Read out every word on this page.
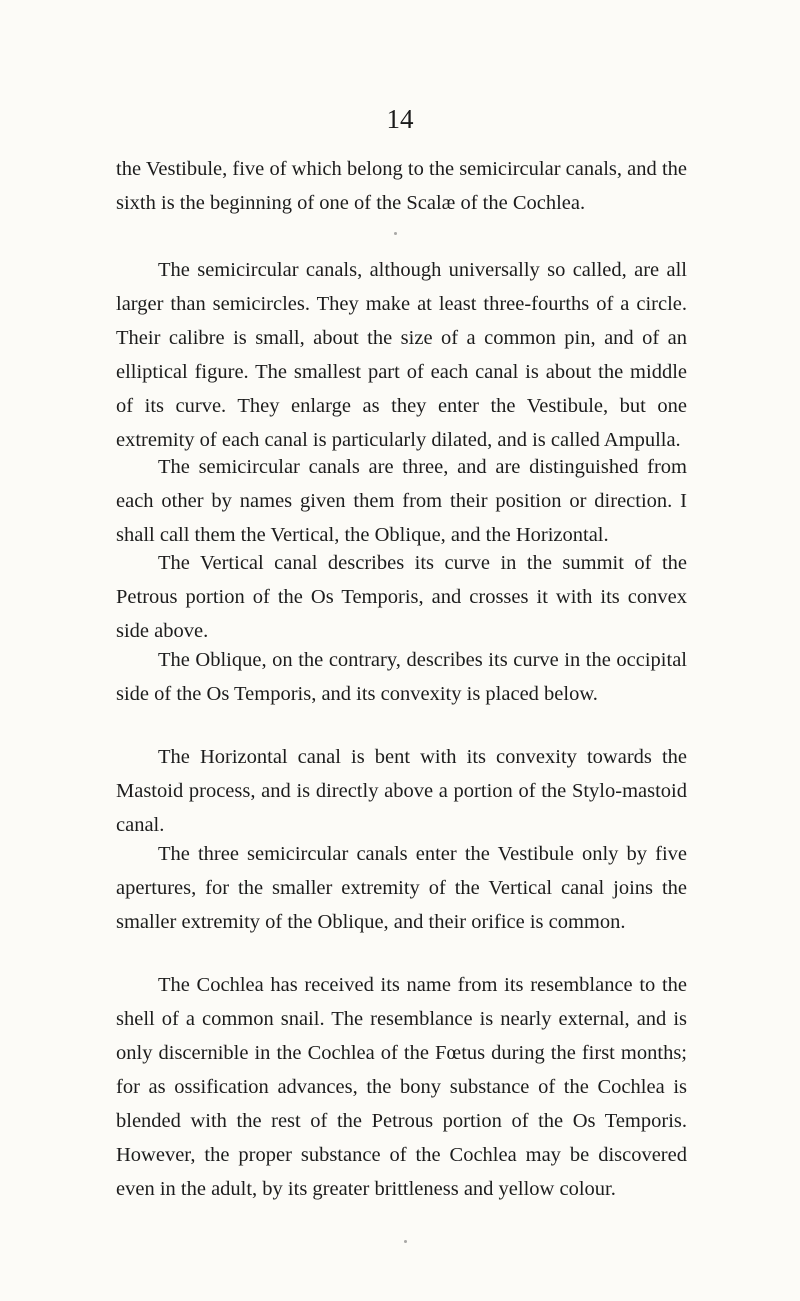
14

the Vestibule, five of which belong to the semicircular canals, and the sixth is the beginning of one of the Scalæ of the Cochlea.

The semicircular canals, although universally so called, are all larger than semicircles. They make at least three-fourths of a circle. Their calibre is small, about the size of a common pin, and of an elliptical figure. The smallest part of each canal is about the middle of its curve. They enlarge as they enter the Vestibule, but one extremity of each canal is particularly dilated, and is called Ampulla.

The semicircular canals are three, and are distinguished from each other by names given them from their position or direction. I shall call them the Vertical, the Oblique, and the Horizontal.

The Vertical canal describes its curve in the summit of the Petrous portion of the Os Temporis, and crosses it with its convex side above.

The Oblique, on the contrary, describes its curve in the occipital side of the Os Temporis, and its convexity is placed below.

The Horizontal canal is bent with its convexity towards the Mastoid process, and is directly above a portion of the Stylo-mastoid canal.

The three semicircular canals enter the Vestibule only by five apertures, for the smaller extremity of the Vertical canal joins the smaller extremity of the Oblique, and their orifice is common.

The Cochlea has received its name from its resemblance to the shell of a common snail. The resemblance is nearly external, and is only discernible in the Cochlea of the Fœtus during the first months; for as ossification advances, the bony substance of the Cochlea is blended with the rest of the Petrous portion of the Os Temporis. However, the proper substance of the Cochlea may be discovered even in the adult, by its greater brittleness and yellow colour.
